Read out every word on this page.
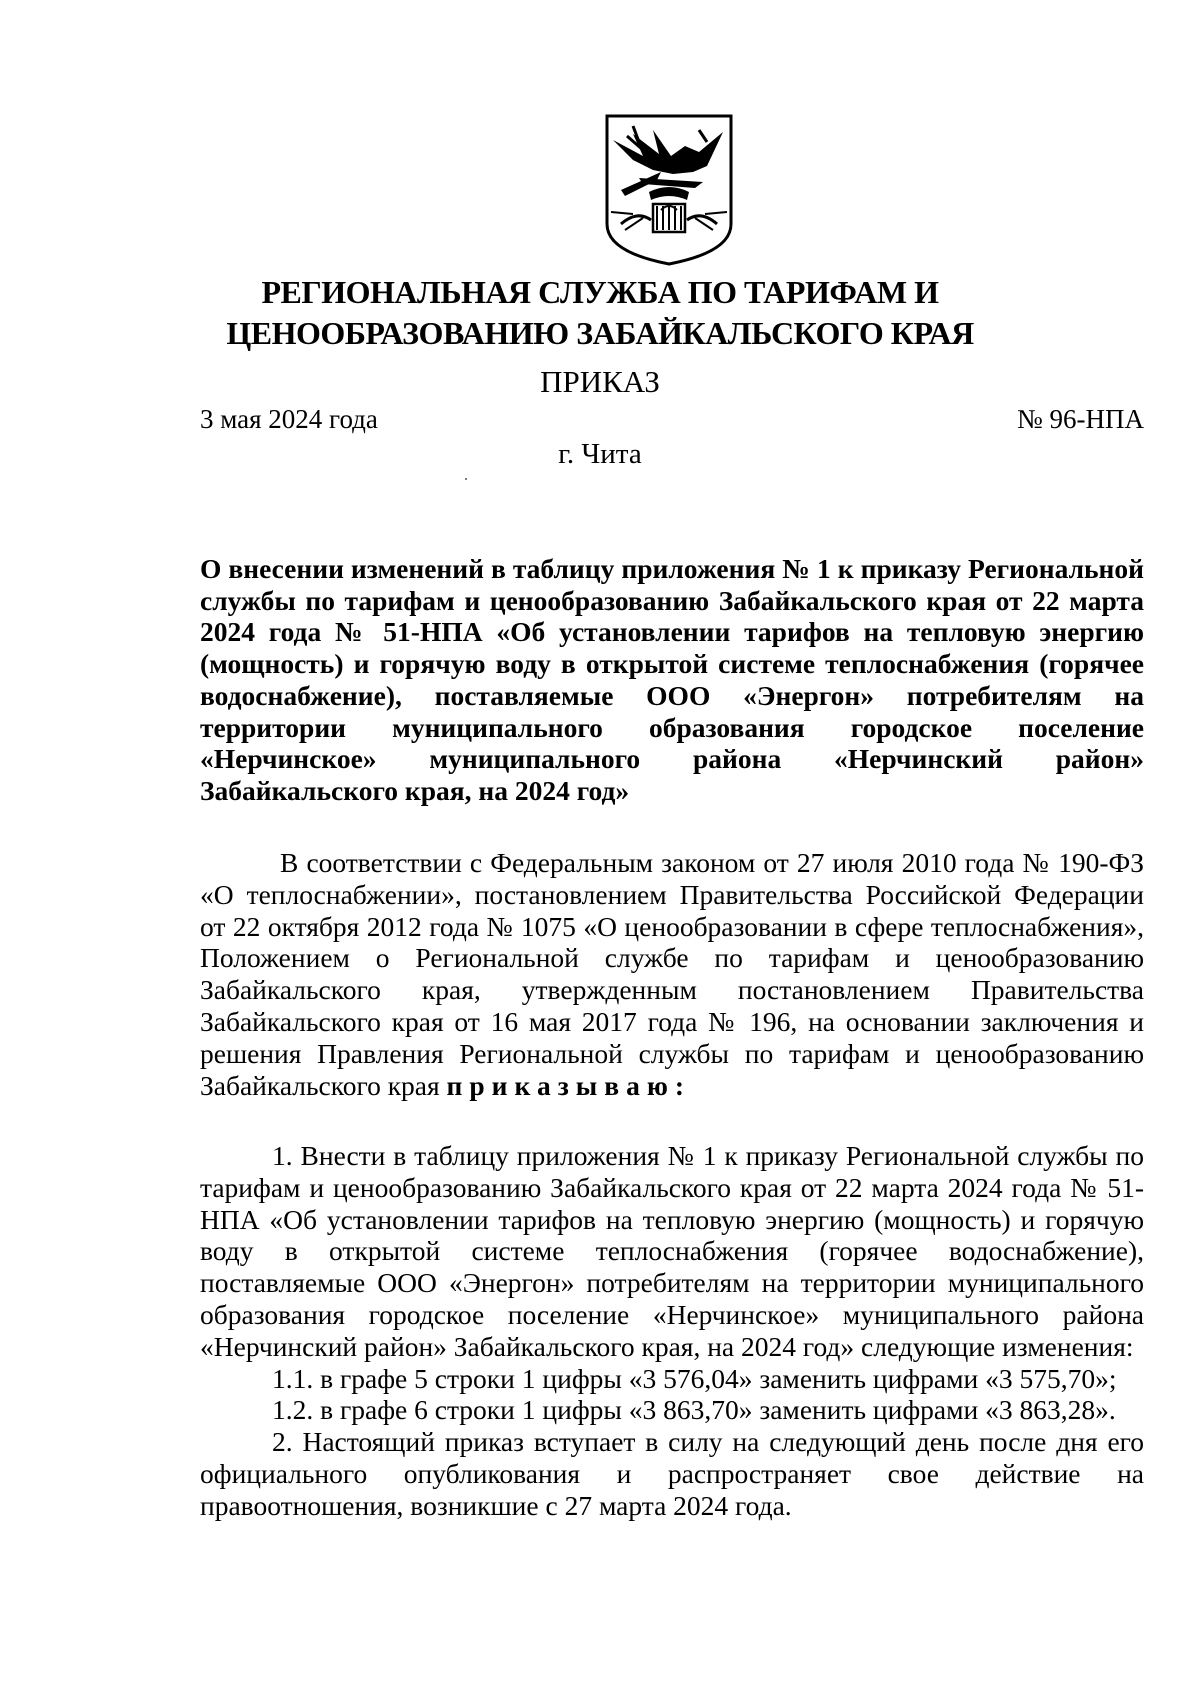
РЕГИОНАЛЬНАЯ СЛУЖБА ПО ТАРИФАМ И ЦЕНООБРАЗОВАНИЮ ЗАБАЙКАЛЬСКОГО КРАЯ
ПРИКАЗ
3 мая 2024 года	№ 96-НПА
г. Чита
О внесении изменений в таблицу приложения № 1 к приказу Региональной службы по тарифам и ценообразованию Забайкальского края от 22 марта 2024 года № 51-НПА «Об установлении тарифов на тепловую энергию (мощность) и горячую воду в открытой системе теплоснабжения (горячее водоснабжение), поставляемые ООО «Энергон» потребителям на территории муниципального образования городское поселение «Нерчинское» муниципального района «Нерчинский район» Забайкальского края, на 2024 год»
В соответствии с Федеральным законом от 27 июля 2010 года № 190-ФЗ «О теплоснабжении», постановлением Правительства Российской Федерации от 22 октября 2012 года № 1075 «О ценообразовании в сфере теплоснабжения», Положением о Региональной службе по тарифам и ценообразованию Забайкальского края, утвержденным постановлением Правительства Забайкальского края от 16 мая 2017 года № 196, на основании заключения и решения Правления Региональной службы по тарифам и ценообразованию Забайкальского края приказываю:

1. Внести в таблицу приложения № 1 к приказу Региональной службы по тарифам и ценообразованию Забайкальского края от 22 марта 2024 года № 51-НПА «Об установлении тарифов на тепловую энергию (мощность) и горячую воду в открытой системе теплоснабжения (горячее водоснабжение), поставляемые ООО «Энергон» потребителям на территории муниципального образования городское поселение «Нерчинское» муниципального района «Нерчинский район» Забайкальского края, на 2024 год» следующие изменения:

1.1. в графе 5 строки 1 цифры «3 576,04» заменить цифрами «3 575,70»;

1.2. в графе 6 строки 1 цифры «3 863,70» заменить цифрами «3 863,28».

2. Настоящий приказ вступает в силу на следующий день после дня его официального опубликования и распространяет свое действие на правоотношения, возникшие с 27 марта 2024 года.
